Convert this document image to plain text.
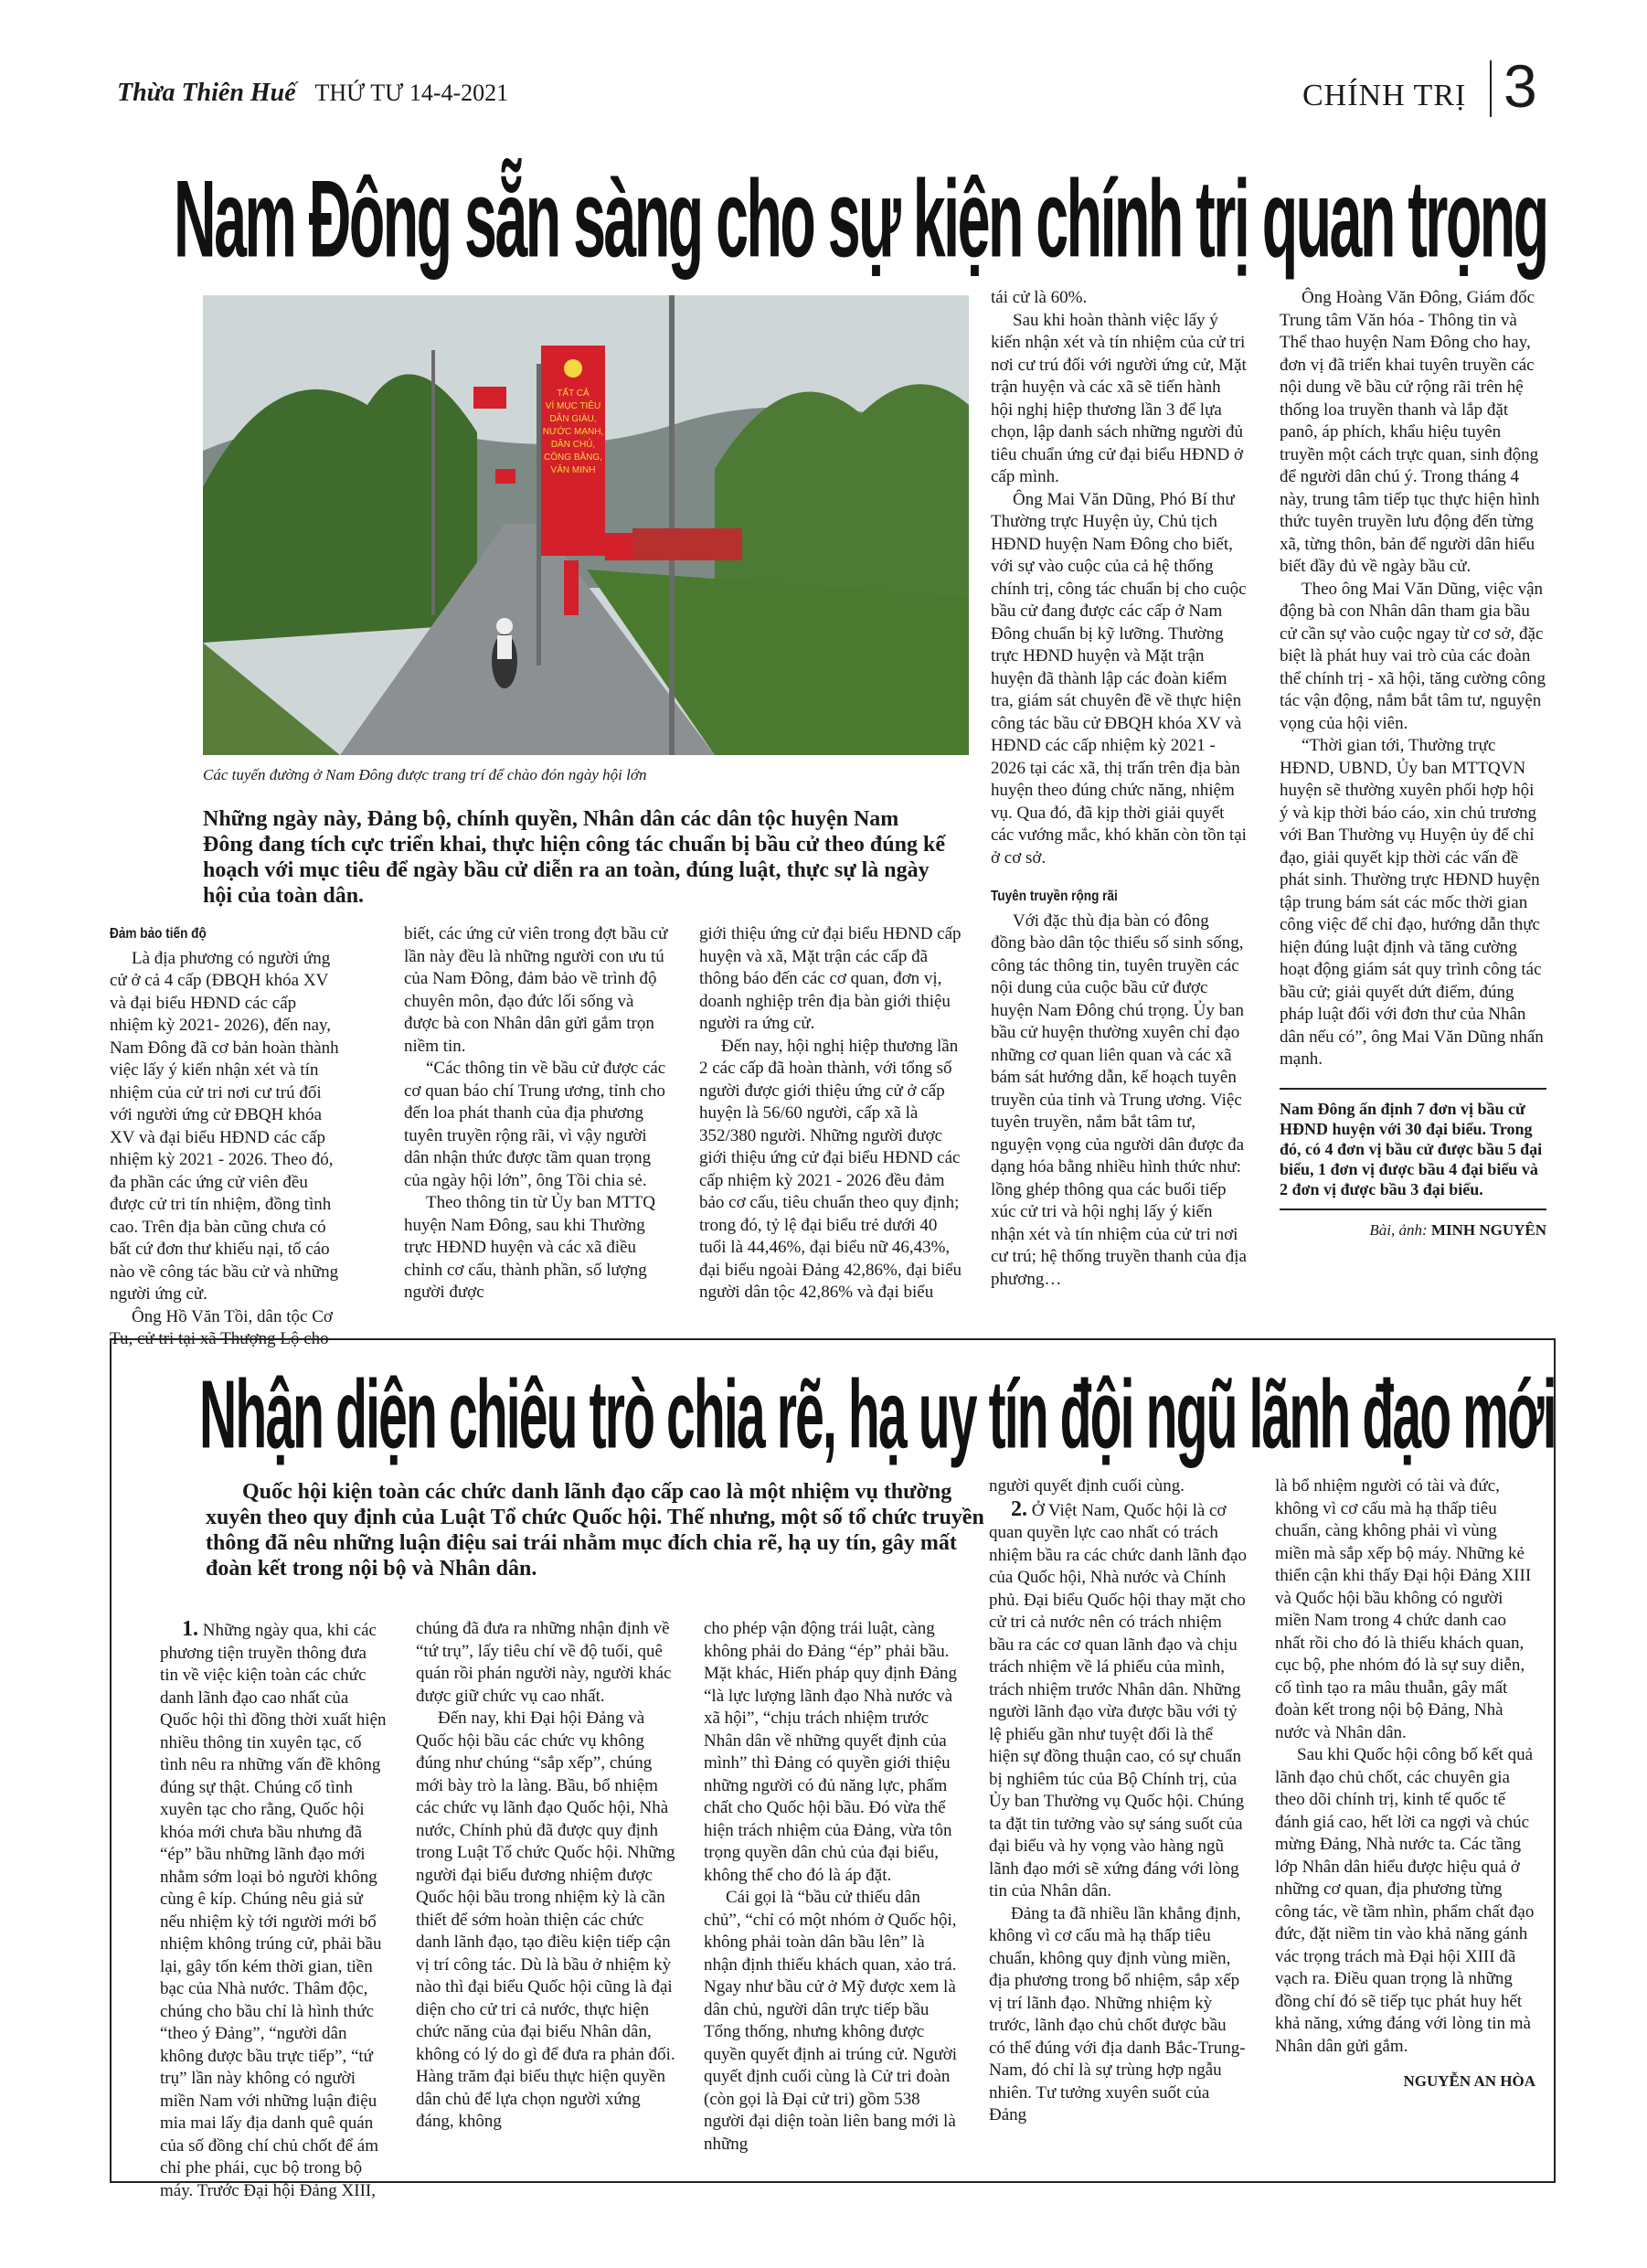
Thừa Thiên Huế THỨ TƯ 14-4-2021	CHÍNH TRỊ 3
Nam Đông sẵn sàng cho sự kiện chính trị quan trọng
TẤT CẢ
VÌ MỤC TIÊU
DÂN GIÀU,
NƯỚC MẠNH,
DÂN CHỦ,
CÔNG BẰNG,
VĂN MINH
Các tuyến đường ở Nam Đông được trang trí để chào đón ngày hội lớn
Những ngày này, Đảng bộ, chính quyền, Nhân dân các dân tộc huyện Nam Đông đang tích cực triển khai, thực hiện công tác chuẩn bị bầu cử theo đúng kế hoạch với mục tiêu để ngày bầu cử diễn ra an toàn, đúng luật, thực sự là ngày hội của toàn dân.
Đảm bảo tiến độ

Là địa phương có người ứng cử ở cả 4 cấp (ĐBQH khóa XV và đại biểu HĐND các cấp nhiệm kỳ 2021- 2026), đến nay, Nam Đông đã cơ bản hoàn thành việc lấy ý kiến nhận xét và tín nhiệm của cử tri nơi cư trú đối với người ứng cử ĐBQH khóa XV và đại biểu HĐND các cấp nhiệm kỳ 2021 - 2026. Theo đó, đa phần các ứng cử viên đều được cử tri tín nhiệm, đồng tình cao. Trên địa bàn cũng chưa có bất cứ đơn thư khiếu nại, tố cáo nào về công tác bầu cử và những người ứng cử.

Ông Hồ Văn Tồi, dân tộc Cơ Tu, cử tri tại xã Thượng Lộ cho

biết, các ứng cử viên trong đợt bầu cử lần này đều là những người con ưu tú của Nam Đông, đảm bảo về trình độ chuyên môn, đạo đức lối sống và được bà con Nhân dân gửi gắm trọn niềm tin.

“Các thông tin về bầu cử được các cơ quan báo chí Trung ương, tỉnh cho đến loa phát thanh của địa phương tuyên truyền rộng rãi, vì vậy người dân nhận thức được tầm quan trọng của ngày hội lớn”, ông Tồi chia sẻ.

Theo thông tin từ Ủy ban MTTQ huyện Nam Đông, sau khi Thường trực HĐND huyện và các xã điều chỉnh cơ cấu, thành phần, số lượng người được

giới thiệu ứng cử đại biểu HĐND cấp huyện và xã, Mặt trận các cấp đã thông báo đến các cơ quan, đơn vị, doanh nghiệp trên địa bàn giới thiệu người ra ứng cử.

Đến nay, hội nghị hiệp thương lần 2 các cấp đã hoàn thành, với tổng số người được giới thiệu ứng cử ở cấp huyện là 56/60 người, cấp xã là 352/380 người. Những người được giới thiệu ứng cử đại biểu HĐND các cấp nhiệm kỳ 2021 - 2026 đều đảm bảo cơ cấu, tiêu chuẩn theo quy định; trong đó, tỷ lệ đại biểu trẻ dưới 40 tuổi là 44,46%, đại biểu nữ 46,43%, đại biểu ngoài Đảng 42,86%, đại biểu người dân tộc 42,86% và đại biểu

tái cử là 60%.

Sau khi hoàn thành việc lấy ý kiến nhận xét và tín nhiệm của cử tri nơi cư trú đối với người ứng cử, Mặt trận huyện và các xã sẽ tiến hành hội nghị hiệp thương lần 3 để lựa chọn, lập danh sách những người đủ tiêu chuẩn ứng cử đại biểu HĐND ở cấp mình.

Ông Mai Văn Dũng, Phó Bí thư Thường trực Huyện ủy, Chủ tịch HĐND huyện Nam Đông cho biết, với sự vào cuộc của cả hệ thống chính trị, công tác chuẩn bị cho cuộc bầu cử đang được các cấp ở Nam Đông chuẩn bị kỹ lưỡng. Thường trực HĐND huyện và Mặt trận huyện đã thành lập các đoàn kiểm tra, giám sát chuyên đề về thực hiện công tác bầu cử ĐBQH khóa XV và HĐND các cấp nhiệm kỳ 2021 - 2026 tại các xã, thị trấn trên địa bàn huyện theo đúng chức năng, nhiệm vụ. Qua đó, đã kịp thời giải quyết các vướng mắc, khó khăn còn tồn tại ở cơ sở.

Tuyên truyền rộng rãi

Với đặc thù địa bàn có đông đồng bào dân tộc thiểu số sinh sống, công tác thông tin, tuyên truyền các nội dung của cuộc bầu cử được huyện Nam Đông chú trọng. Ủy ban bầu cử huyện thường xuyên chỉ đạo những cơ quan liên quan và các xã bám sát hướng dẫn, kế hoạch tuyên truyền của tỉnh và Trung ương. Việc tuyên truyền, nắm bắt tâm tư, nguyện vọng của người dân được đa dạng hóa bằng nhiều hình thức như: lồng ghép thông qua các buổi tiếp xúc cử tri và hội nghị lấy ý kiến nhận xét và tín nhiệm của cử tri nơi cư trú; hệ thống truyền thanh của địa phương…

Ông Hoàng Văn Đông, Giám đốc Trung tâm Văn hóa - Thông tin và Thể thao huyện Nam Đông cho hay, đơn vị đã triển khai tuyên truyền các nội dung về bầu cử rộng rãi trên hệ thống loa truyền thanh và lắp đặt panô, áp phích, khẩu hiệu tuyên truyền một cách trực quan, sinh động để người dân chú ý. Trong tháng 4 này, trung tâm tiếp tục thực hiện hình thức tuyên truyền lưu động đến từng xã, từng thôn, bản để người dân hiểu biết đầy đủ về ngày bầu cử.

Theo ông Mai Văn Dũng, việc vận động bà con Nhân dân tham gia bầu cử cần sự vào cuộc ngay từ cơ sở, đặc biệt là phát huy vai trò của các đoàn thể chính trị - xã hội, tăng cường công tác vận động, nắm bắt tâm tư, nguyện vọng của hội viên.

“Thời gian tới, Thường trực HĐND, UBND, Ủy ban MTTQVN huyện sẽ thường xuyên phối hợp hội ý và kịp thời báo cáo, xin chủ trương với Ban Thường vụ Huyện ủy để chỉ đạo, giải quyết kịp thời các vấn đề phát sinh. Thường trực HĐND huyện tập trung bám sát các mốc thời gian công việc để chỉ đạo, hướng dẫn thực hiện đúng luật định và tăng cường hoạt động giám sát quy trình công tác bầu cử; giải quyết dứt điểm, đúng pháp luật đối với đơn thư của Nhân dân nếu có”, ông Mai Văn Dũng nhấn mạnh.

Nam Đông ấn định 7 đơn vị bầu cử HĐND huyện với 30 đại biểu. Trong đó, có 4 đơn vị bầu cử được bầu 5 đại biểu, 1 đơn vị được bầu 4 đại biểu và 2 đơn vị được bầu 3 đại biểu.
Bài, ảnh: MINH NGUYÊN
Nhận diện chiêu trò chia rẽ, hạ uy tín đội ngũ lãnh đạo mới
Quốc hội kiện toàn các chức danh lãnh đạo cấp cao là một nhiệm vụ thường xuyên theo quy định của Luật Tổ chức Quốc hội. Thế nhưng, một số tổ chức truyền thông đã nêu những luận điệu sai trái nhằm mục đích chia rẽ, hạ uy tín, gây mất đoàn kết trong nội bộ và Nhân dân.

1. Những ngày qua, khi các phương tiện truyền thông đưa tin về việc kiện toàn các chức danh lãnh đạo cao nhất của Quốc hội thì đồng thời xuất hiện nhiều thông tin xuyên tạc, cố tình nêu ra những vấn đề không đúng sự thật. Chúng cố tình xuyên tạc cho rằng, Quốc hội khóa mới chưa bầu nhưng đã “ép” bầu những lãnh đạo mới nhằm sớm loại bỏ người không cùng ê kíp. Chúng nêu giả sử nếu nhiệm kỳ tới người mới bổ nhiệm không trúng cử, phải bầu lại, gây tốn kém thời gian, tiền bạc của Nhà nước. Thâm độc, chúng cho bầu chỉ là hình thức “theo ý Đảng”, “người dân không được bầu trực tiếp”, “tứ trụ” lần này không có người miền Nam với những luận điệu mia mai lấy địa danh quê quán của số đồng chí chủ chốt để ám chỉ phe phái, cục bộ trong bộ máy. Trước Đại hội Đảng XIII,

chúng đã đưa ra những nhận định về “tứ trụ”, lấy tiêu chí về độ tuổi, quê quán rồi phán người này, người khác được giữ chức vụ cao nhất.

Đến nay, khi Đại hội Đảng và Quốc hội bầu các chức vụ không đúng như chúng “sắp xếp”, chúng mới bày trò la làng. Bầu, bổ nhiệm các chức vụ lãnh đạo Quốc hội, Nhà nước, Chính phủ đã được quy định trong Luật Tổ chức Quốc hội. Những người đại biểu đương nhiệm được Quốc hội bầu trong nhiệm kỳ là cần thiết để sớm hoàn thiện các chức danh lãnh đạo, tạo điều kiện tiếp cận vị trí công tác. Dù là bầu ở nhiệm kỳ nào thì đại biểu Quốc hội cũng là đại diện cho cử tri cả nước, thực hiện chức năng của đại biểu Nhân dân, không có lý do gì để đưa ra phản đối. Hàng trăm đại biểu thực hiện quyền dân chủ để lựa chọn người xứng đáng, không

cho phép vận động trái luật, càng không phải do Đảng “ép” phải bầu. Mặt khác, Hiến pháp quy định Đảng “là lực lượng lãnh đạo Nhà nước và xã hội”, “chịu trách nhiệm trước Nhân dân về những quyết định của mình” thì Đảng có quyền giới thiệu những người có đủ năng lực, phẩm chất cho Quốc hội bầu. Đó vừa thể hiện trách nhiệm của Đảng, vừa tôn trọng quyền dân chủ của đại biểu, không thể cho đó là áp đặt.

Cái gọi là “bầu cử thiếu dân chủ”, “chỉ có một nhóm ở Quốc hội, không phải toàn dân bầu lên” là nhận định thiếu khách quan, xảo trá. Ngay như bầu cử ở Mỹ được xem là dân chủ, người dân trực tiếp bầu Tổng thống, nhưng không được quyền quyết định ai trúng cử. Người quyết định cuối cùng là Cử tri đoàn (còn gọi là Đại cử tri) gồm 538 người đại diện toàn liên bang mới là những

người quyết định cuối cùng.

2. Ở Việt Nam, Quốc hội là cơ quan quyền lực cao nhất có trách nhiệm bầu ra các chức danh lãnh đạo của Quốc hội, Nhà nước và Chính phủ. Đại biểu Quốc hội thay mặt cho cử tri cả nước nên có trách nhiệm bầu ra các cơ quan lãnh đạo và chịu trách nhiệm về lá phiếu của mình, trách nhiệm trước Nhân dân. Những người lãnh đạo vừa được bầu với tỷ lệ phiếu gần như tuyệt đối là thể hiện sự đồng thuận cao, có sự chuẩn bị nghiêm túc của Bộ Chính trị, của Ủy ban Thường vụ Quốc hội. Chúng ta đặt tin tưởng vào sự sáng suốt của đại biểu và hy vọng vào hàng ngũ lãnh đạo mới sẽ xứng đáng với lòng tin của Nhân dân.

Đảng ta đã nhiều lần khẳng định, không vì cơ cấu mà hạ thấp tiêu chuẩn, không quy định vùng miền, địa phương trong bổ nhiệm, sắp xếp vị trí lãnh đạo. Những nhiệm kỳ trước, lãnh đạo chủ chốt được bầu có thể đúng với địa danh Bắc-Trung-Nam, đó chỉ là sự trùng hợp ngẫu nhiên. Tư tưởng xuyên suốt của Đảng

là bổ nhiệm người có tài và đức, không vì cơ cấu mà hạ thấp tiêu chuẩn, càng không phải vì vùng miền mà sắp xếp bộ máy. Những kẻ thiển cận khi thấy Đại hội Đảng XIII và Quốc hội bầu không có người miền Nam trong 4 chức danh cao nhất rồi cho đó là thiếu khách quan, cục bộ, phe nhóm đó là sự suy diễn, cố tình tạo ra mâu thuẫn, gây mất đoàn kết trong nội bộ Đảng, Nhà nước và Nhân dân.

Sau khi Quốc hội công bố kết quả lãnh đạo chủ chốt, các chuyên gia theo dõi chính trị, kinh tế quốc tế đánh giá cao, hết lời ca ngợi và chúc mừng Đảng, Nhà nước ta. Các tầng lớp Nhân dân hiểu được hiệu quả ở những cơ quan, địa phương từng công tác, về tầm nhìn, phẩm chất đạo đức, đặt niềm tin vào khả năng gánh vác trọng trách mà Đại hội XIII đã vạch ra. Điều quan trọng là những đồng chí đó sẽ tiếp tục phát huy hết khả năng, xứng đáng với lòng tin mà Nhân dân gửi gắm.

NGUYỄN AN HÒA
